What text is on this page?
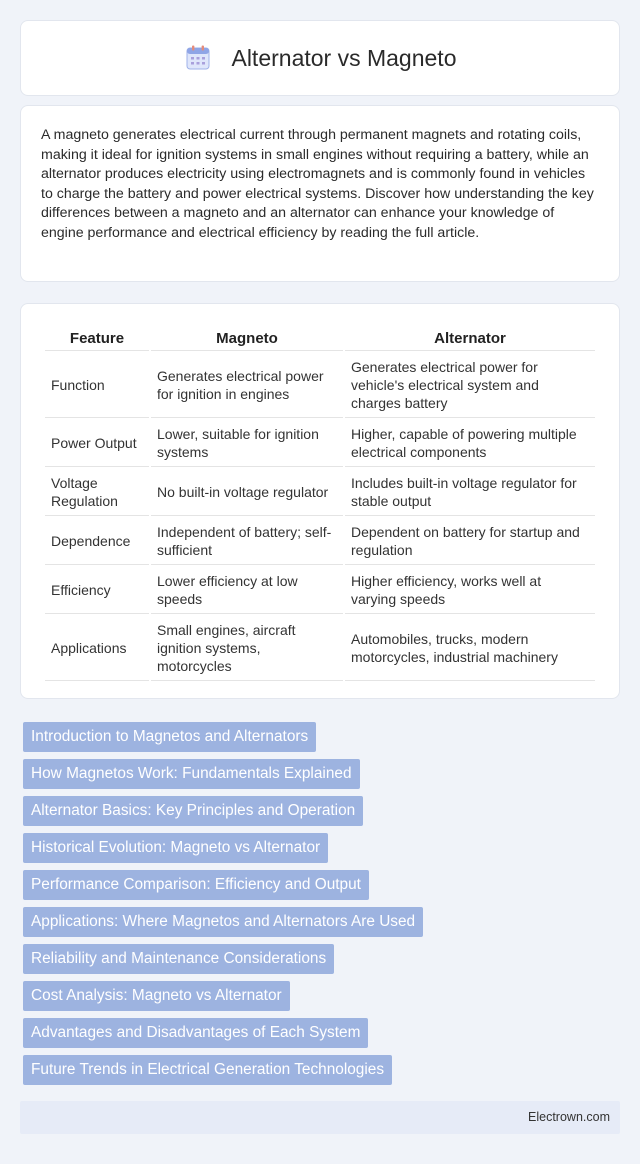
Alternator vs Magneto

A magneto generates electrical current through permanent magnets and rotating coils, making it ideal for ignition systems in small engines without requiring a battery, while an alternator produces electricity using electromagnets and is commonly found in vehicles to charge the battery and power electrical systems. Discover how understanding the key differences between a magneto and an alternator can enhance your knowledge of engine performance and electrical efficiency by reading the full article.

Feature	Magneto	Alternator
Function	Generates electrical power for ignition in engines	Generates electrical power for vehicle's electrical system and charges battery
Power Output	Lower, suitable for ignition systems	Higher, capable of powering multiple electrical components
Voltage Regulation	No built-in voltage regulator	Includes built-in voltage regulator for stable output
Dependence	Independent of battery; self-sufficient	Dependent on battery for startup and regulation
Efficiency	Lower efficiency at low speeds	Higher efficiency, works well at varying speeds
Applications	Small engines, aircraft ignition systems, motorcycles	Automobiles, trucks, modern motorcycles, industrial machinery
Introduction to Magnetos and Alternators
How Magnetos Work: Fundamentals Explained
Alternator Basics: Key Principles and Operation
Historical Evolution: Magneto vs Alternator
Performance Comparison: Efficiency and Output
Applications: Where Magnetos and Alternators Are Used
Reliability and Maintenance Considerations
Cost Analysis: Magneto vs Alternator
Advantages and Disadvantages of Each System
Future Trends in Electrical Generation Technologies
Electrown.com
